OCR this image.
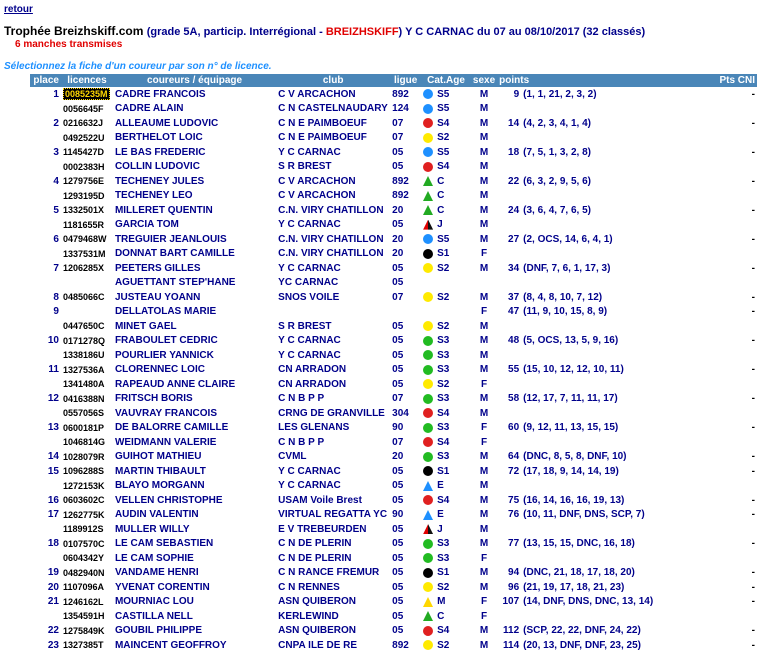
retour
Trophée Breizhskiff.com (grade 5A, particip. Interrégional - BREIZHSKIFF) Y C CARNAC du 07 au 08/10/2017 (32 classés)
6 manches transmises
Sélectionnez la fiche d'un coureur par son n° de licence.
place	licences	coureurs / équipage	club	ligue	Cat.Age	sexe	points	Pts CNI
1	0085235M	CADRE FRANCOIS	C V ARCACHON	892	S5	M	9 (1, 1, 21, 2, 3, 2)	-
	0056645F	CADRE ALAIN	C N CASTELNAUDARY	124	S5	M		
2	0216632J	ALLEAUME LUDOVIC	C N E PAIMBOEUF	07	S4	M	14 (4, 2, 3, 4, 1, 4)	-
	0492522U	BERTHELOT LOIC	C N E PAIMBOEUF	07	S2	M		
3	1145427D	LE BAS FREDERIC	Y C CARNAC	05	S5	M	18 (7, 5, 1, 3, 2, 8)	-
	0002383H	COLLIN LUDOVIC	S R BREST	05	S4	M		
4	1279756E	TECHENEY JULES	C V ARCACHON	892	C	M	22 (6, 3, 2, 9, 5, 6)	-
	1293195D	TECHENEY LEO	C V ARCACHON	892	C	M		
5	1332501X	MILLERET QUENTIN	C.N. VIRY CHATILLON	20	C	M	24 (3, 6, 4, 7, 6, 5)	-
	1181655R	GARCIA TOM	Y C CARNAC	05	J	M		
6	0479468W	TREGUIER JEANLOUIS	C.N. VIRY CHATILLON	20	S5	M	27 (2, OCS, 14, 6, 4, 1)	-
	1337531M	DONNAT BART CAMILLE	C.N. VIRY CHATILLON	20	S1	F		
7	1206285X	PEETERS GILLES	Y C CARNAC	05	S2	M	34 (DNF, 7, 6, 1, 17, 3)	-
		AGUETTANT STEP'HANE	YC CARNAC	05				
8	0485066C	JUSTEAU YOANN	SNOS VOILE	07	S2	M	37 (8, 4, 8, 10, 7, 12)	-
9		DELLATOLAS MARIE				F	47 (11, 9, 10, 15, 8, 9)	-
	0447650C	MINET GAEL	S R BREST	05	S2	M		
10	0171278Q	FRABOULET CEDRIC	Y C CARNAC	05	S3	M	48 (5, OCS, 13, 5, 9, 16)	-
	1338186U	POURLIER YANNICK	Y C CARNAC	05	S3	M		
11	1327536A	CLORENNEC LOIC	CN ARRADON	05	S3	M	55 (15, 10, 12, 12, 10, 11)	-
	1341480A	RAPEAUD ANNE CLAIRE	CN ARRADON	05	S2	F		
12	0416388N	FRITSCH BORIS	C N B P P	07	S3	M	58 (12, 17, 7, 11, 11, 17)	-
	0557056S	VAUVRAY FRANCOIS	CRNG DE GRANVILLE	304	S4	M		
13	0600181P	DE BALORRE CAMILLE	LES GLENANS	90	S3	F	60 (9, 12, 11, 13, 15, 15)	-
	1046814G	WEIDMANN VALERIE	C N B P P	07	S4	F		
14	1028079R	GUIHOT MATHIEU	CVML	20	S3	M	64 (DNC, 8, 5, 8, DNF, 10)	-
15	1096288S	MARTIN THIBAULT	Y C CARNAC	05	S1	M	72 (17, 18, 9, 14, 14, 19)	-
	1272153K	BLAYO MORGANN	Y C CARNAC	05	E	M		
16	0603602C	VELLEN CHRISTOPHE	USAM Voile Brest	05	S4	M	75 (16, 14, 16, 16, 19, 13)	-
17	1262775K	AUDIN VALENTIN	VIRTUAL REGATTA YC	90	E	M	76 (10, 11, DNF, DNS, SCP, 7)	-
	1189912S	MULLER WILLY	E V TREBEURDEN	05	J	M		
18	0107570C	LE CAM SEBASTIEN	C N DE PLERIN	05	S3	M	77 (13, 15, 15, DNC, 16, 18)	-
	0604342Y	LE CAM SOPHIE	C N DE PLERIN	05	S3	F		
19	0482940N	VANDAME HENRI	C N RANCE FREMUR	05	S1	M	94 (DNC, 21, 18, 17, 18, 20)	-
20	1107096A	YVENAT CORENTIN	C N RENNES	05	S2	M	96 (21, 19, 17, 18, 21, 23)	-
21	1246162L	MOURNIAC LOU	ASN QUIBERON	05	M	F	107 (14, DNF, DNS, DNC, 13, 14)	-
	1354591H	CASTILLA NELL	KERLEWIND	05	C	F		
22	1275849K	GOUBIL PHILIPPE	ASN QUIBERON	05	S4	M	112 (SCP, 22, 22, DNF, 24, 22)	-
23	1327385T	MAINCENT GEOFFROY	CNPA ILE DE RE	892	S2	M	114 (20, 13, DNF, DNF, 23, 25)	-
